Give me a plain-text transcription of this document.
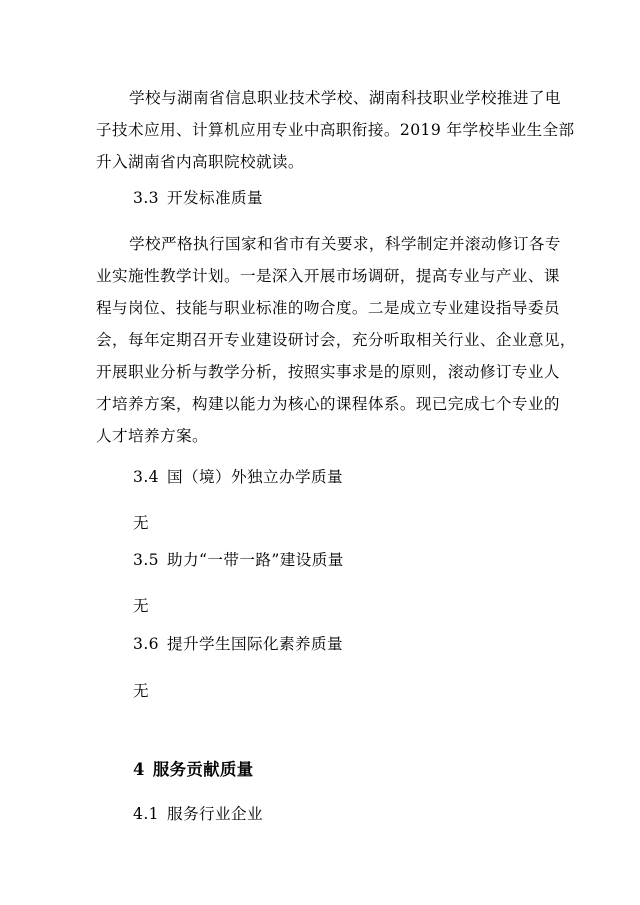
学校与湖南省信息职业技术学校、湖南科技职业学校推进了电
子技术应用、计算机应用专业中高职衔接。2019 年学校毕业生全部
升入湖南省内高职院校就读。

3.3 开发标准质量

学校严格执行国家和省市有关要求，科学制定并滚动修订各专
业实施性教学计划。一是深入开展市场调研，提高专业与产业、课
程与岗位、技能与职业标准的吻合度。二是成立专业建设指导委员
会，每年定期召开专业建设研讨会，充分听取相关行业、企业意见，
开展职业分析与教学分析，按照实事求是的原则，滚动修订专业人
才培养方案，构建以能力为核心的课程体系。现已完成七个专业的
人才培养方案。

3.4 国（境）外独立办学质量
无
3.5 助力“一带一路”建设质量
无
3.6 提升学生国际化素养质量
无
4 服务贡献质量
4.1 服务行业企业
